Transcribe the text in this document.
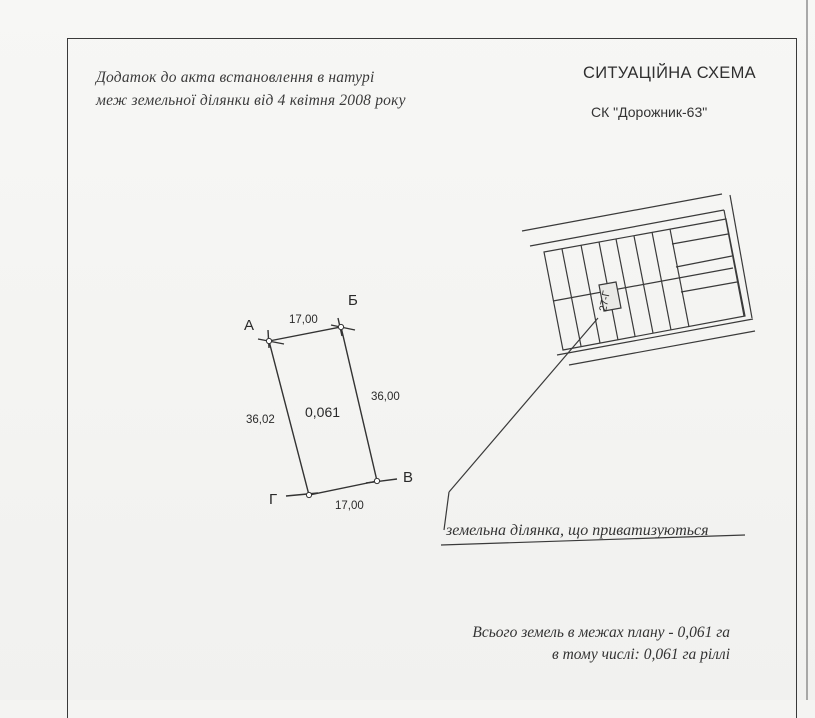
Додаток до акта встановлення в натурі
меж земельної ділянки від 4 квітня 2008 року
СИТУАЦІЙНА СХЕМА
СК "Дорожник-63"
А
Б
В
Г
17,00
36,00
17,00
36,02 0,061
27-Г
земельна ділянка, що приватизуються
Всього земель в межах плану - 0,061 га
в тому числі: 0,061 га ріллі
